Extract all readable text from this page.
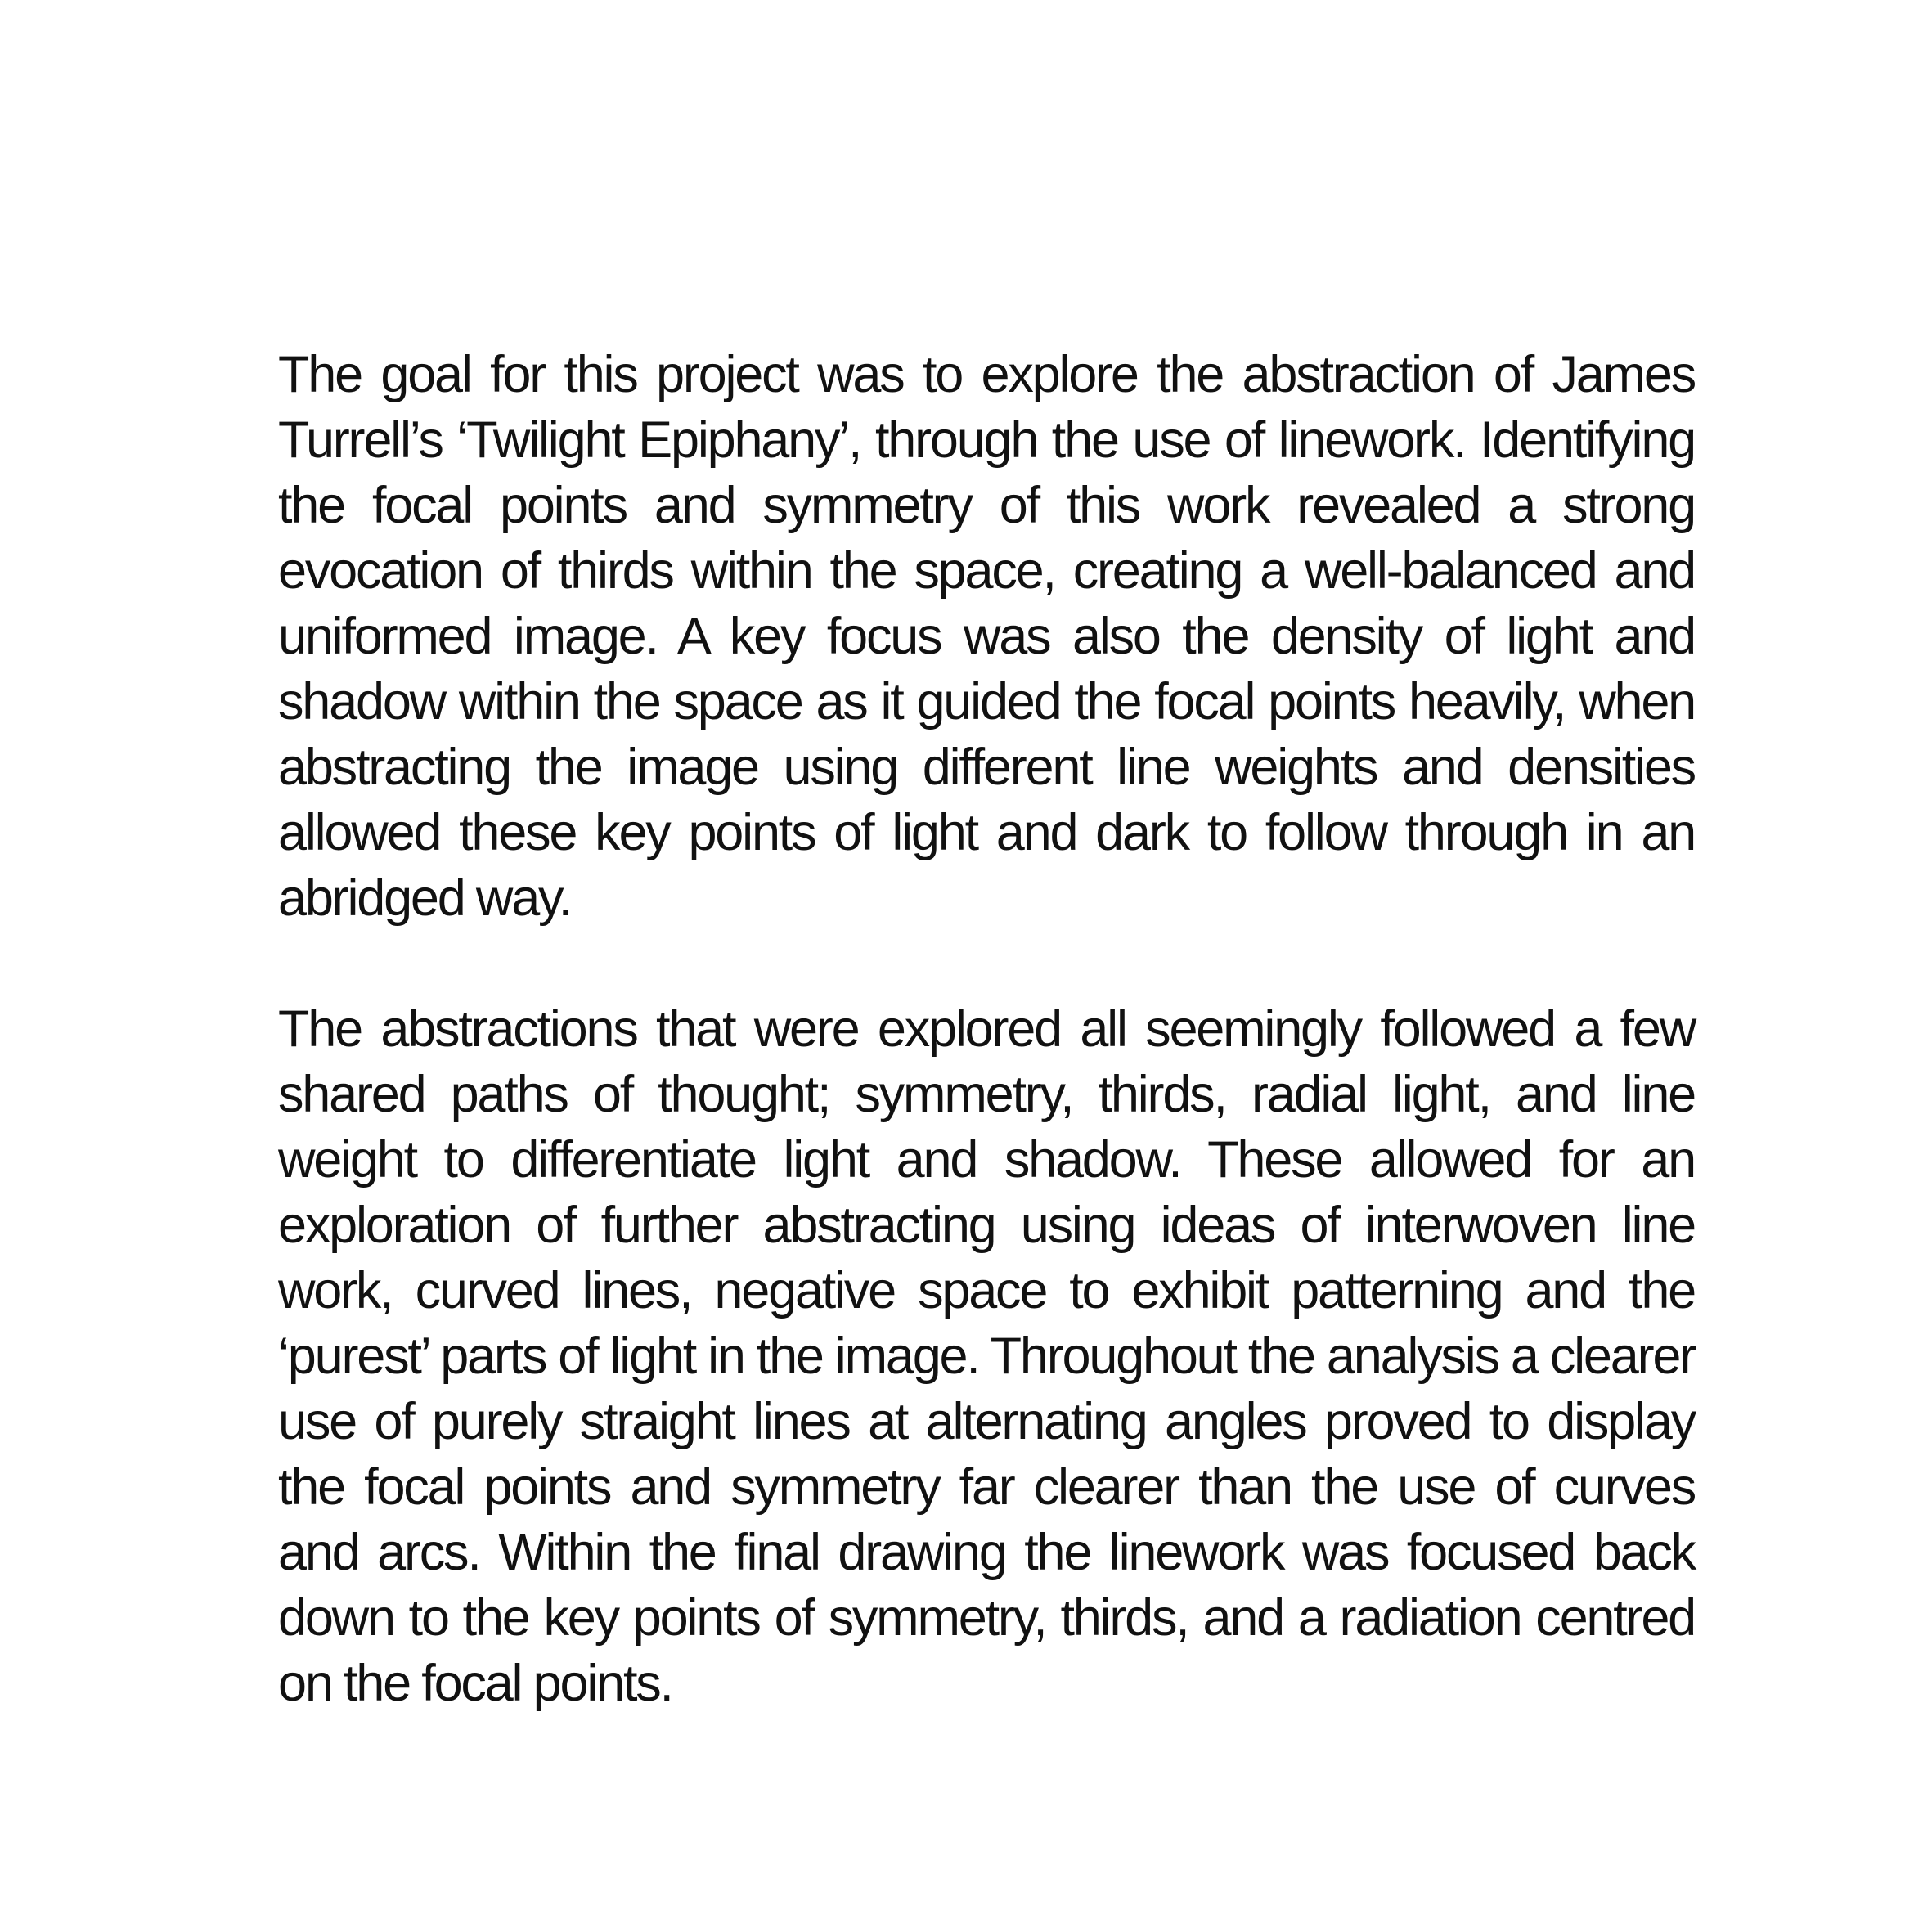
The goal for this project was to explore the abstraction of James Turrell’s ‘Twilight Epiphany’, through the use of linework. Identifying the focal points and symmetry of this work revealed a strong evocation of thirds within the space, creating a well-balanced and uniformed image. A key focus was also the density of light and shadow within the space as it guided the focal points heavily, when abstracting the image using different line weights and densities allowed these key points of light and dark to follow through in an abridged way.

The abstractions that were explored all seemingly followed a few shared paths of thought; symmetry, thirds, radial light, and line weight to differentiate light and shadow. These allowed for an exploration of further abstracting using ideas of interwoven line work, curved lines, negative space to exhibit patterning and the ‘purest’ parts of light in the image. Throughout the analysis a clearer use of purely straight lines at alternating angles proved to display the focal points and symmetry far clearer than the use of curves and arcs. Within the final drawing the linework was focused back down to the key points of symmetry, thirds, and a radiation centred on the focal points.
